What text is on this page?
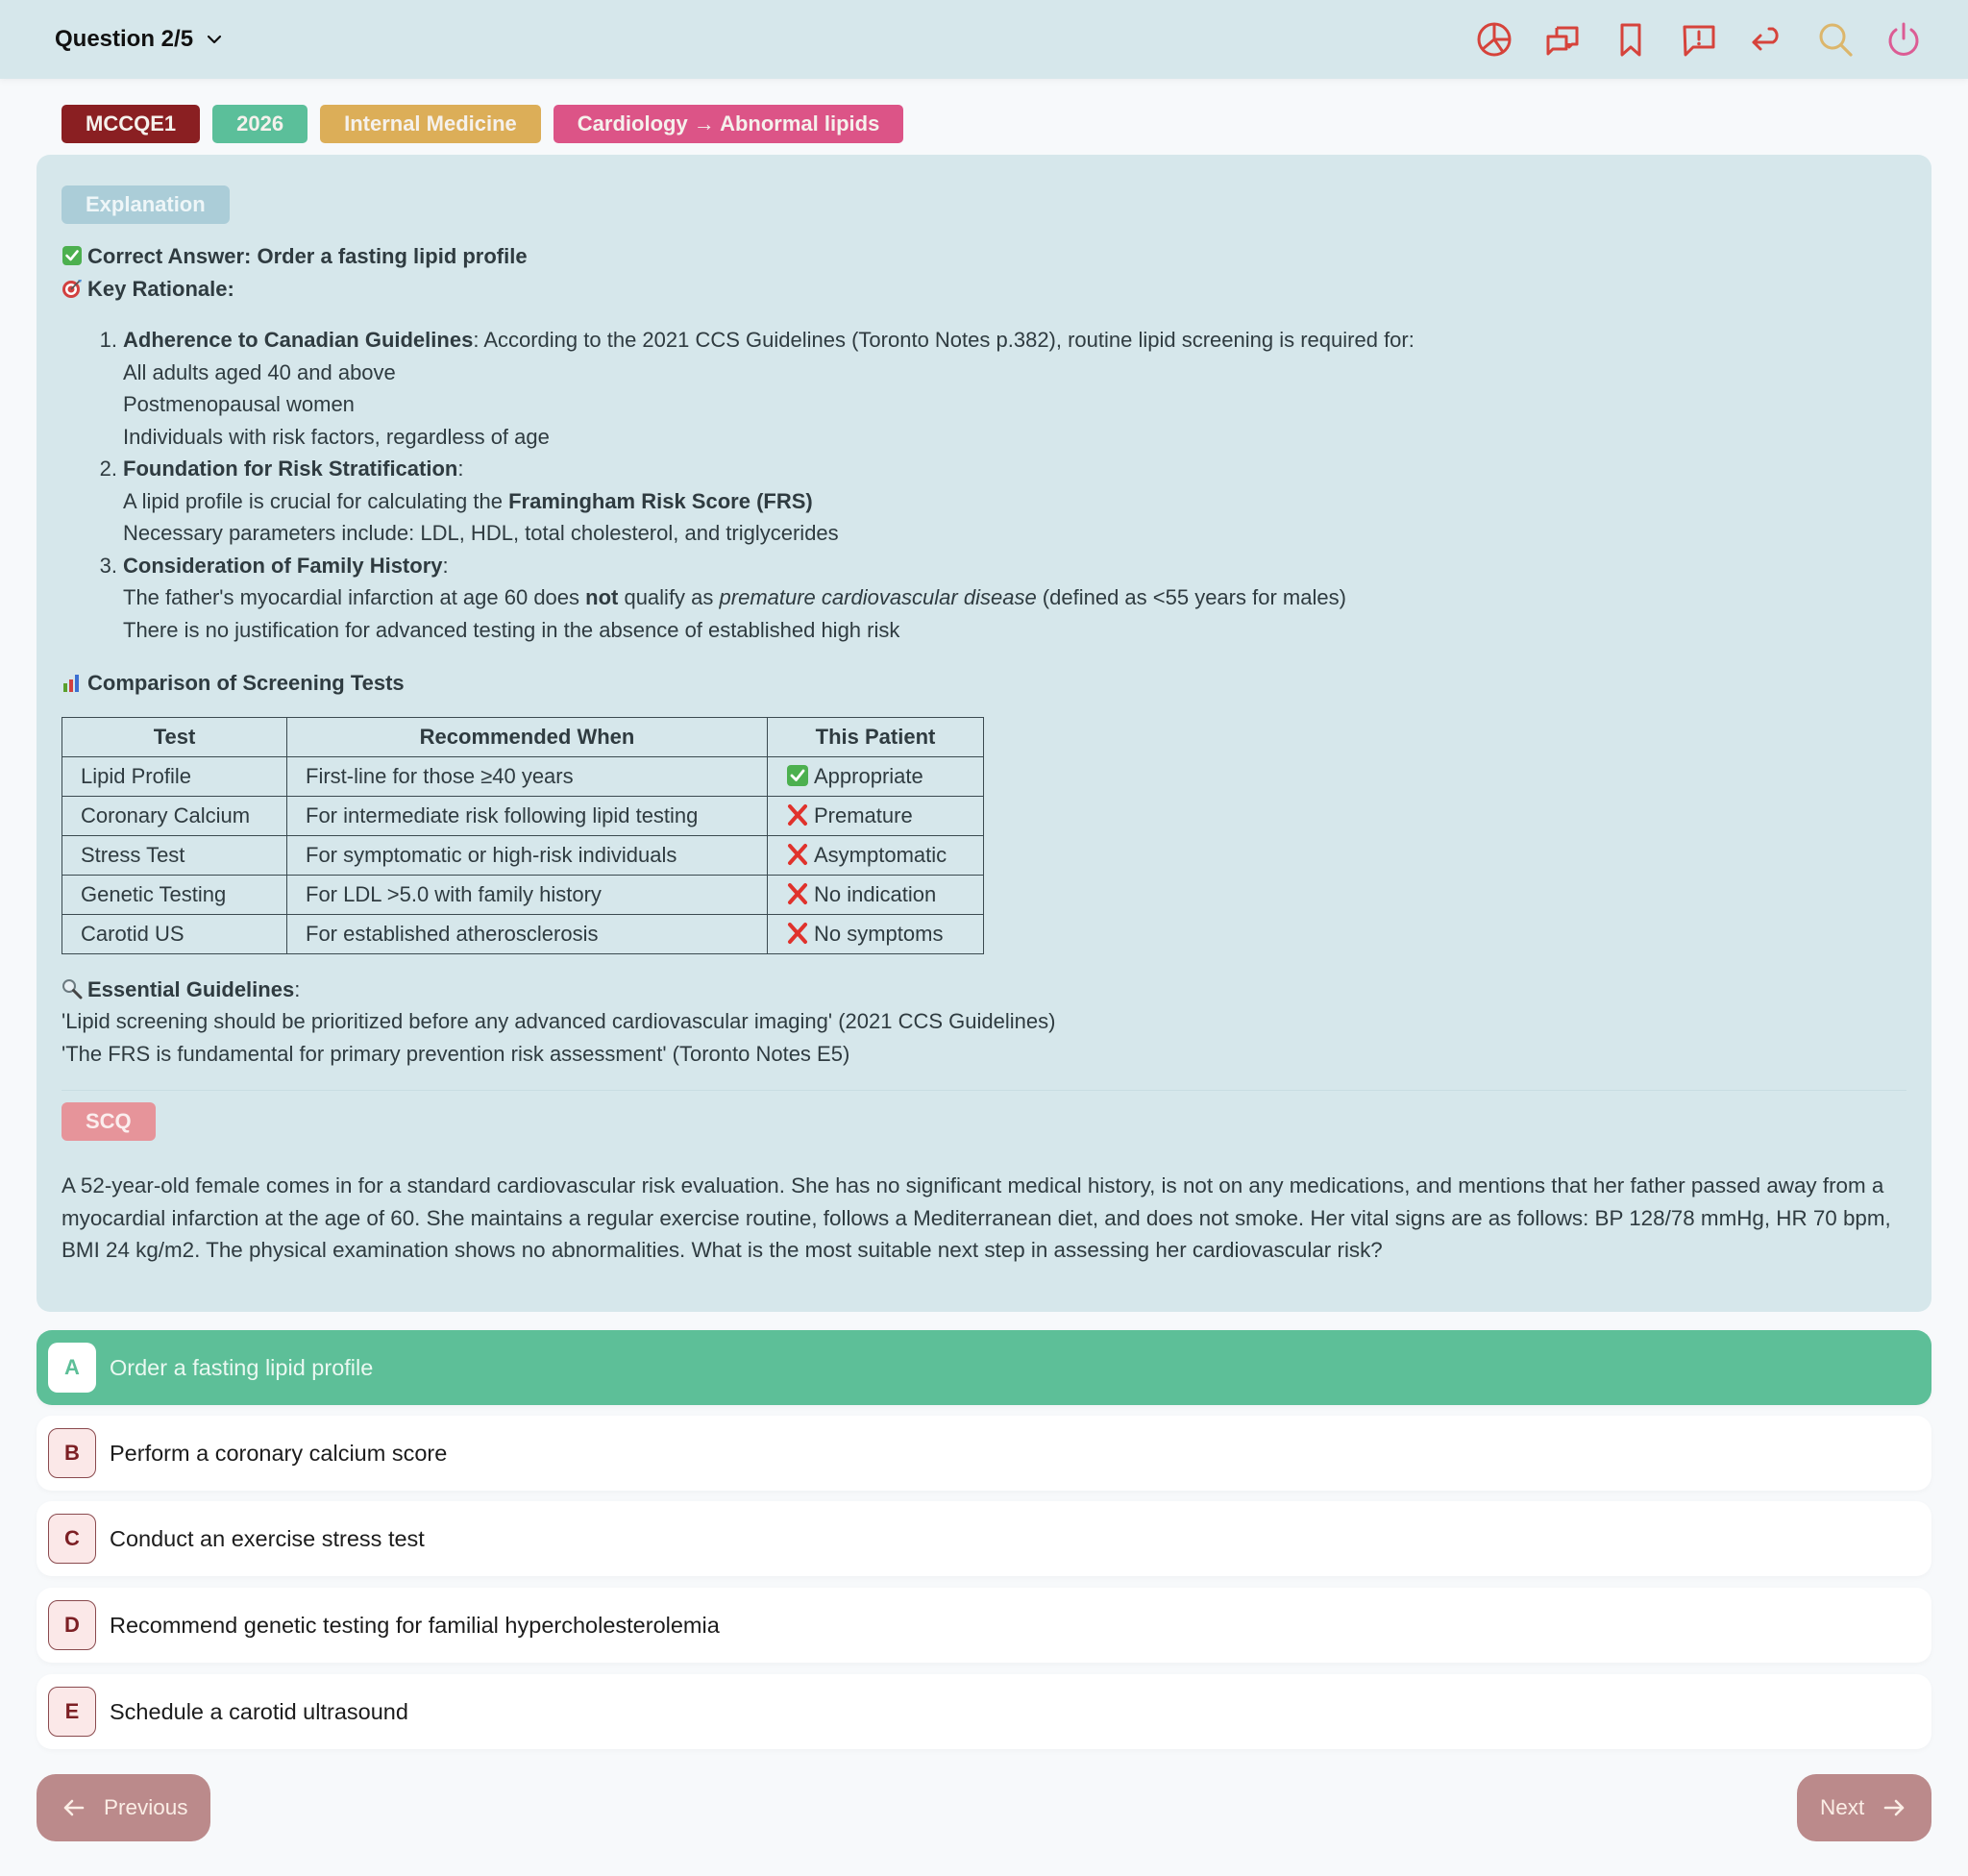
Question 2/5
MCCQE1	2026	Internal Medicine	Cardiology → Abnormal lipids
Explanation
Correct Answer: Order a fasting lipid profile
Key Rationale:
1. Adherence to Canadian Guidelines: According to the 2021 CCS Guidelines (Toronto Notes p.382), routine lipid screening is required for:
All adults aged 40 and above
Postmenopausal women
Individuals with risk factors, regardless of age
2. Foundation for Risk Stratification:
A lipid profile is crucial for calculating the Framingham Risk Score (FRS)
Necessary parameters include: LDL, HDL, total cholesterol, and triglycerides
3. Consideration of Family History:
The father's myocardial infarction at age 60 does not qualify as premature cardiovascular disease (defined as <55 years for males)
There is no justification for advanced testing in the absence of established high risk
Comparison of Screening Tests
Test	Recommended When	This Patient
Lipid Profile	First-line for those ≥40 years	Appropriate
Coronary Calcium	For intermediate risk following lipid testing	Premature
Stress Test	For symptomatic or high-risk individuals	Asymptomatic
Genetic Testing	For LDL >5.0 with family history	No indication
Carotid US	For established atherosclerosis	No symptoms
Essential Guidelines:
'Lipid screening should be prioritized before any advanced cardiovascular imaging' (2021 CCS Guidelines)
'The FRS is fundamental for primary prevention risk assessment' (Toronto Notes E5)
SCQ

A 52-year-old female comes in for a standard cardiovascular risk evaluation. She has no significant medical history, is not on any medications, and mentions that her father passed away from a myocardial infarction at the age of 60. She maintains a regular exercise routine, follows a Mediterranean diet, and does not smoke. Her vital signs are as follows: BP 128/78 mmHg, HR 70 bpm, BMI 24 kg/m2. The physical examination shows no abnormalities. What is the most suitable next step in assessing her cardiovascular risk?

A	Order a fasting lipid profile
B	Perform a coronary calcium score
C	Conduct an exercise stress test
D	Recommend genetic testing for familial hypercholesterolemia
E	Schedule a carotid ultrasound
Previous	Next
